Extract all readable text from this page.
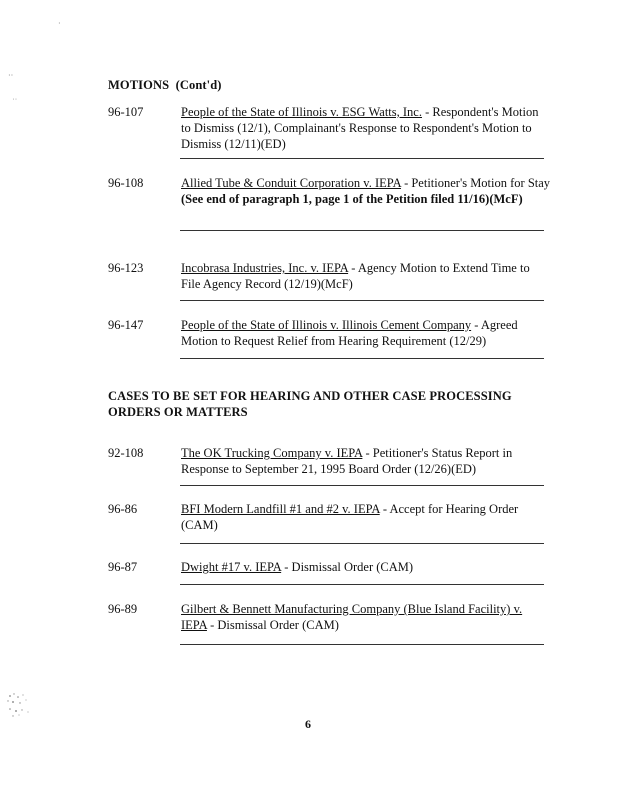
·
··
˙˙
MOTIONS (Cont'd)
96-107	People of the State of Illinois v. ESG Watts, Inc. - Respondent's Motion to Dismiss (12/1), Complainant's Response to Respondent's Motion to Dismiss (12/11)(ED)
96-108	Allied Tube & Conduit Corporation v. IEPA - Petitioner's Motion for Stay (See end of paragraph 1, page 1 of the Petition filed 11/16)(McF)
96-123	Incobrasa Industries, Inc. v. IEPA - Agency Motion to Extend Time to File Agency Record (12/19)(McF)
96-147	People of the State of Illinois v. Illinois Cement Company - Agreed Motion to Request Relief from Hearing Requirement (12/29)
CASES TO BE SET FOR HEARING AND OTHER CASE PROCESSING ORDERS OR MATTERS
92-108	The OK Trucking Company v. IEPA - Petitioner's Status Report in Response to September 21, 1995 Board Order (12/26)(ED)
96-86	BFI Modern Landfill #1 and #2 v. IEPA - Accept for Hearing Order (CAM)
96-87	Dwight #17 v. IEPA - Dismissal Order (CAM)
96-89	Gilbert & Bennett Manufacturing Company (Blue Island Facility) v. IEPA - Dismissal Order (CAM)
6
